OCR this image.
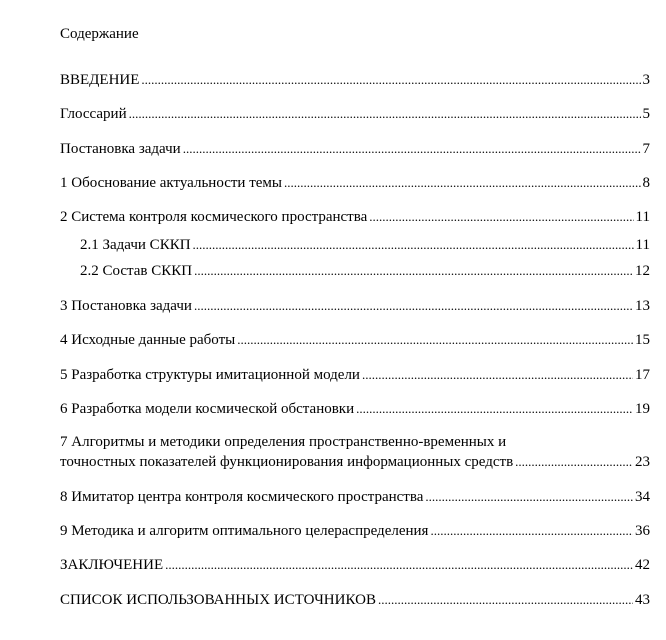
Содержание
ВВЕДЕНИЕ .....	3
Глоссарий .....	5
Постановка задачи .....	7
1 Обоснование актуальности темы .....	8
2 Система контроля космического пространства .....	11
2.1 Задачи СККП .....	11
2.2 Состав СККП .....	12
3 Постановка задачи .....	13
4 Исходные данные работы .....	15
5 Разработка структуры имитационной модели .....	17
6 Разработка модели космической обстановки .....	19
7 Алгоритмы и методики определения пространственно-временных и
точностных показателей функционирования информационных средств .....	23
8 Имитатор центра контроля космического пространства .....	34
9 Методика и алгоритм оптимального целераспределения .....	36
ЗАКЛЮЧЕНИЕ .....	42
СПИСОК ИСПОЛЬЗОВАННЫХ ИСТОЧНИКОВ .....	43
